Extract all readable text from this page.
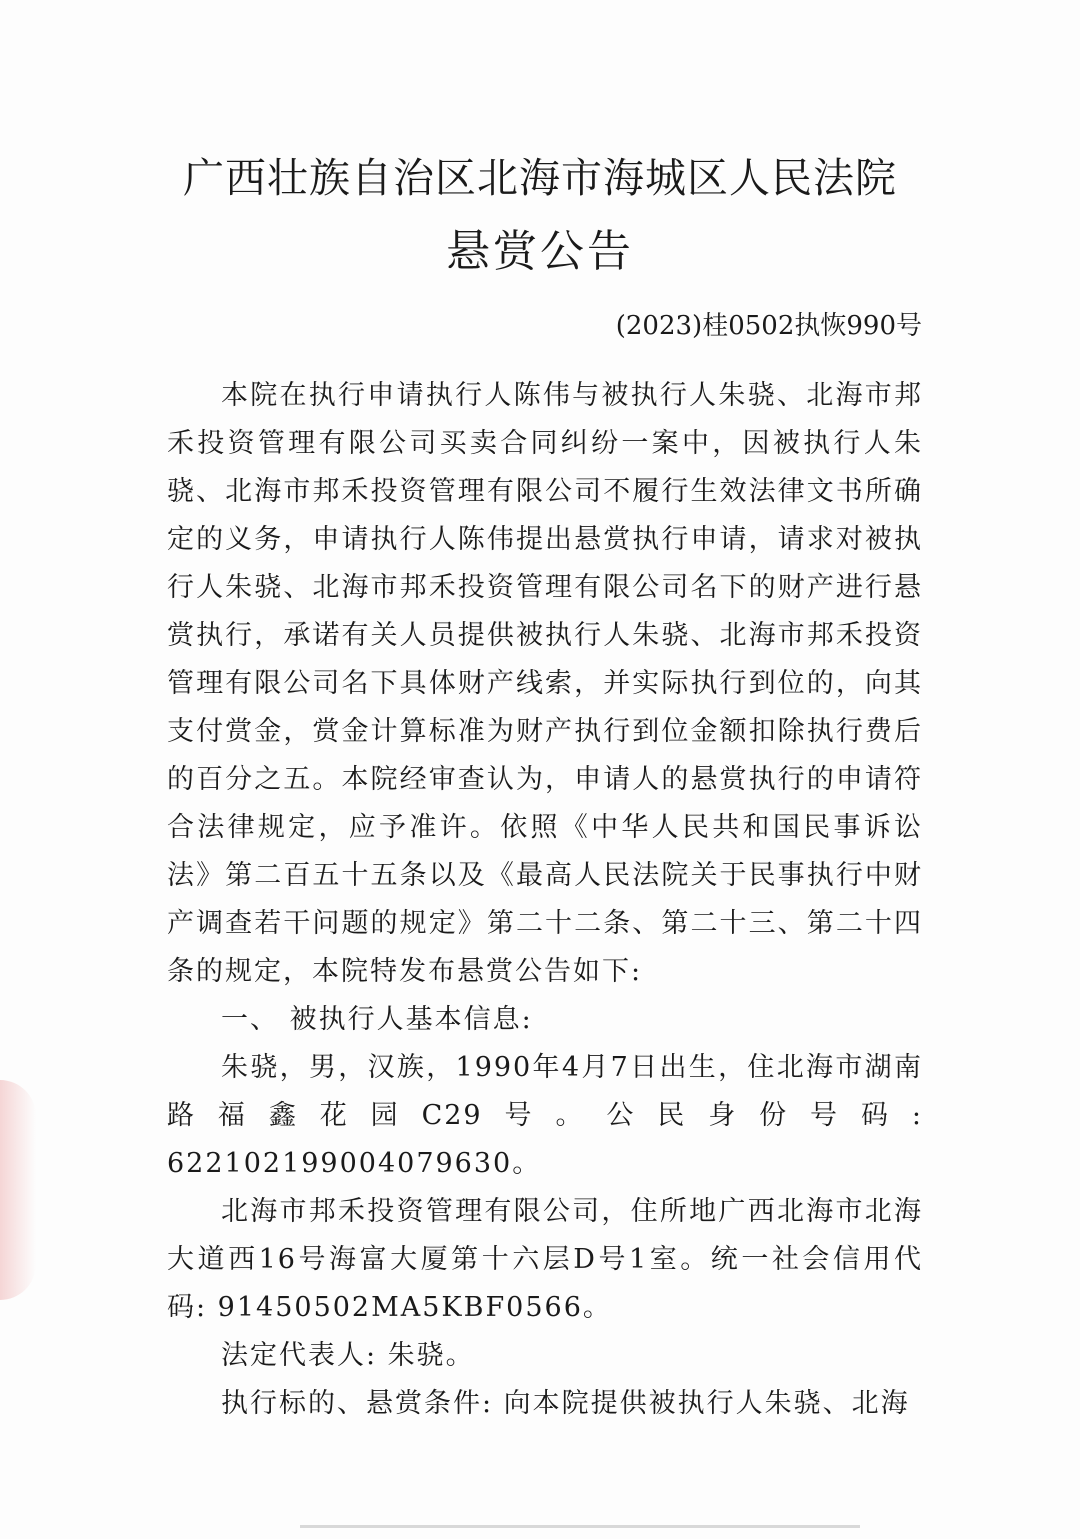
广西壮族自治区北海市海城区人民法院
悬赏公告
(2023)桂0502执恢990号

本院在执行申请执行人陈伟与被执行人朱骁、北海市邦禾投资管理有限公司买卖合同纠纷一案中，因被执行人朱骁、北海市邦禾投资管理有限公司不履行生效法律文书所确定的义务，申请执行人陈伟提出悬赏执行申请，请求对被执行人朱骁、北海市邦禾投资管理有限公司名下的财产进行悬赏执行，承诺有关人员提供被执行人朱骁、北海市邦禾投资管理有限公司名下具体财产线索，并实际执行到位的，向其支付赏金，赏金计算标准为财产执行到位金额扣除执行费后的百分之五。本院经审查认为，申请人的悬赏执行的申请符合法律规定，应予准许。依照《中华人民共和国民事诉讼法》第二百五十五条以及《最高人民法院关于民事执行中财产调查若干问题的规定》第二十二条、第二十三、第二十四条的规定，本院特发布悬赏公告如下:

一、 被执行人基本信息:

朱骁，男，汉族，1990年4月7日出生，住北海市湖南路福鑫花园C29号。公民身份号码: 622102199004079630。

北海市邦禾投资管理有限公司，住所地广西北海市北海大道西16号海富大厦第十六层D号1室。统一社会信用代码: 91450502MA5KBF0566。

法定代表人: 朱骁。

执行标的、悬赏条件: 向本院提供被执行人朱骁、北海
